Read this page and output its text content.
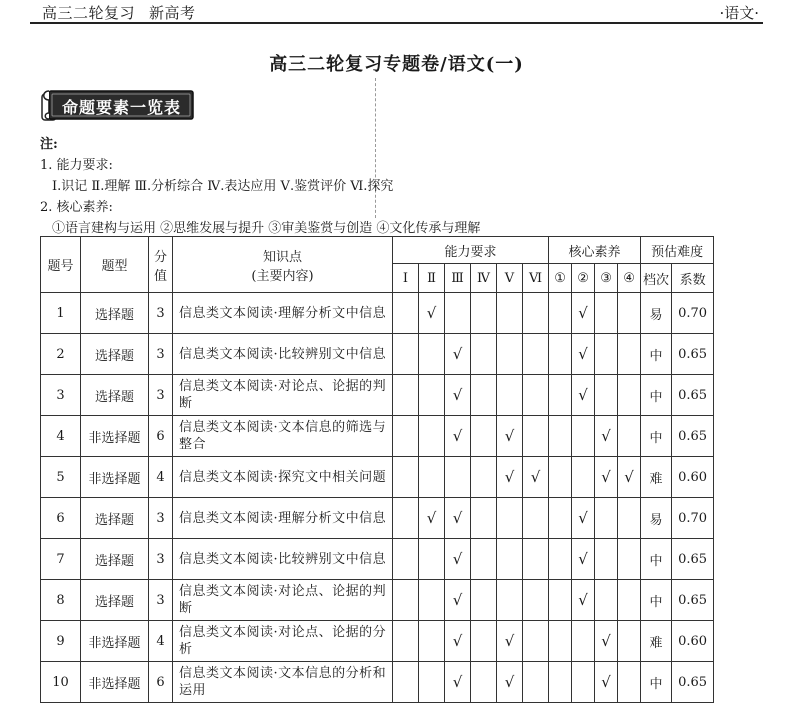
高三二轮复习 新高考	·语文·
高三二轮复习专题卷/语文(一)
命题要素一览表
注:
1. 能力要求:
Ⅰ.识记 Ⅱ.理解 Ⅲ.分析综合 Ⅳ.表达应用 Ⅴ.鉴赏评价 Ⅵ.探究
2. 核心素养:
①语言建构与运用 ②思维发展与提升 ③审美鉴赏与创造 ④文化传承与理解
题号	题型	分值	知识点
(主要内容)	能力要求						核心素养				预估难度	
				Ⅰ	Ⅱ	Ⅲ	Ⅳ	Ⅴ	Ⅵ	①	②	③	④	档次	系数
1	选择题	3	信息类文本阅读·理解分析文中信息		√						√			易	0.70
2	选择题	3	信息类文本阅读·比较辨别文中信息			√					√			中	0.65
3	选择题	3	信息类文本阅读·对论点、论据的判断			√					√			中	0.65
4	非选择题	6	信息类文本阅读·文本信息的筛选与整合			√		√				√		中	0.65
5	非选择题	4	信息类文本阅读·探究文中相关问题					√	√			√	√	难	0.60
6	选择题	3	信息类文本阅读·理解分析文中信息		√	√					√			易	0.70
7	选择题	3	信息类文本阅读·比较辨别文中信息			√					√			中	0.65
8	选择题	3	信息类文本阅读·对论点、论据的判断			√					√			中	0.65
9	非选择题	4	信息类文本阅读·对论点、论据的分析			√		√				√		难	0.60
10	非选择题	6	信息类文本阅读·文本信息的分析和运用			√		√				√		中	0.65
